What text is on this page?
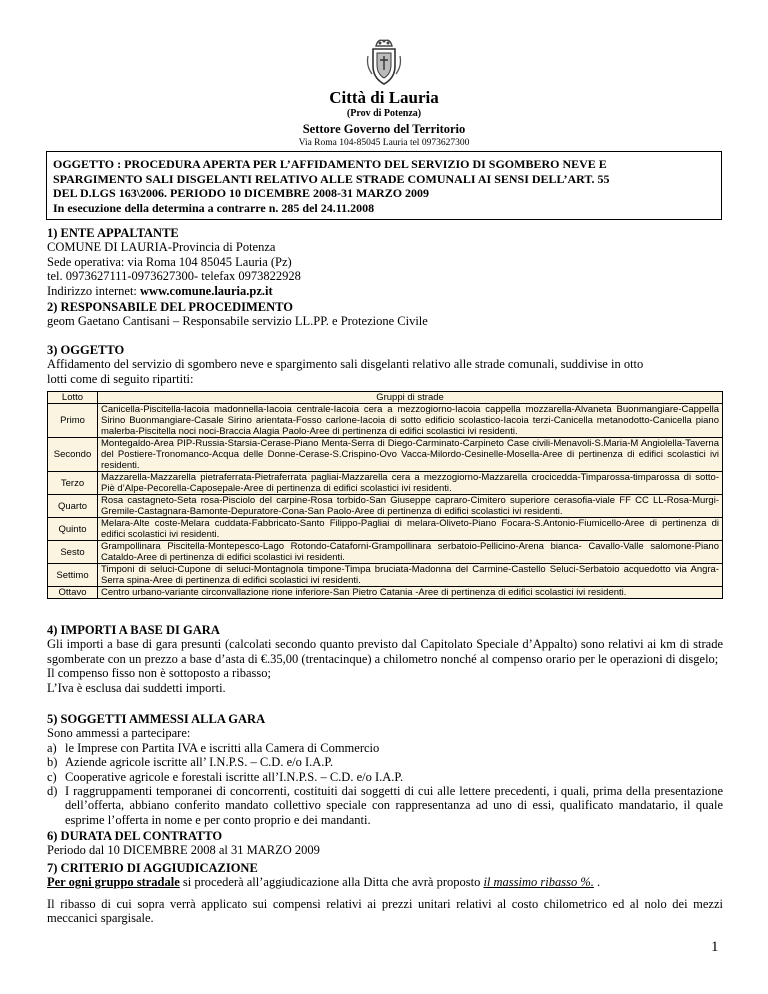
Città di Lauria
(Prov di Potenza)
Settore Governo del Territorio
Via Roma 104-85045 Lauria tel 0973627300
OGGETTO : PROCEDURA APERTA PER L’AFFIDAMENTO DEL SERVIZIO DI SGOMBERO NEVE E
SPARGIMENTO SALI DISGELANTI RELATIVO ALLE STRADE COMUNALI AI SENSI DELL’ART. 55
DEL D.LGS 163\2006. PERIODO 10 DICEMBRE 2008-31 MARZO 2009
In esecuzione della determina a contrarre n. 285 del 24.11.2008

1) ENTE APPALTANTE

COMUNE DI LAURIA-Provincia di Potenza

Sede operativa: via Roma 104 85045 Lauria (Pz)

tel. 0973627111-0973627300- telefax 0973822928

Indirizzo internet: www.comune.lauria.pz.it

2) RESPONSABILE DEL PROCEDIMENTO

geom Gaetano Cantisani – Responsabile servizio LL.PP. e Protezione Civile

3) OGGETTO

Affidamento del servizio di sgombero neve e spargimento sali disgelanti relativo alle strade comunali, suddivise in otto

lotti come di seguito ripartiti:

Lotto	Gruppi di strade
Primo	Canicella-Piscitella-Iacoia madonnella-Iacoia centrale-Iacoia cera a mezzogiorno-Iacoia cappella mozzarella-Alvaneta Buonmangiare-Cappella Sirino Buonmangiare-Casale Sirino arientata-Fosso carlone-Iacoia di sotto edificio scolastico-Iacoia terzi-Canicella metanodotto-Canicella piano malerba-Piscitella noci noci-Braccia Alagia Paolo-Aree di pertinenza di edifici scolastici ivi residenti.
Secondo	Montegaldo-Area PIP-Russia-Starsia-Cerase-Piano Menta-Serra di Diego-Carminato-Carpineto Case civili-Menavoli-S.Maria-M Angiolella-Taverna del Postiere-Tronomanco-Acqua delle Donne-Cerase-S.Crispino-Ovo Vacca-Milordo-Cesinelle-Mosella-Aree di pertinenza di edifici scolastici ivi residenti.
Terzo	Mazzarella-Mazzarella pietraferrata-Pietraferrata pagliai-Mazzarella cera a mezzogiorno-Mazzarella crocicedda-Timparossa-timparossa di sotto-Piè d’Alpe-Pecorella-Caposepale-Aree di pertinenza di edifici scolastici ivi residenti.
Quarto	Rosa castagneto-Seta rosa-Pisciolo del carpine-Rosa torbido-San Giuseppe capraro-Cimitero superiore cerasofia-viale FF CC LL-Rosa-Murgi-Gremile-Castagnara-Bamonte-Depuratore-Cona-San Paolo-Aree di pertinenza di edifici scolastici ivi residenti.
Quinto	Melara-Alte coste-Melara cuddata-Fabbricato-Santo Filippo-Pagliai di melara-Oliveto-Piano Focara-S.Antonio-Fiumicello-Aree di pertinenza di edifici scolastici ivi residenti.
Sesto	Grampollinara Piscitella-Montepesco-Lago Rotondo-Cataforni-Grampollinara serbatoio-Pellicino-Arena bianca- Cavallo-Valle salomone-Piano Cataldo-Aree di pertinenza di edifici scolastici ivi residenti.
Settimo	Timponi di seluci-Cupone di seluci-Montagnola timpone-Timpa bruciata-Madonna del Carmine-Castello Seluci-Serbatoio acquedotto via Angra-Serra spina-Aree di pertinenza di edifici scolastici ivi residenti.
Ottavo	Centro urbano-variante circonvallazione rione inferiore-San Pietro Catania -Aree di pertinenza di edifici scolastici ivi residenti.

4) IMPORTI A BASE DI GARA

Gli importi a base di gara presunti (calcolati secondo quanto previsto dal Capitolato Speciale d’Appalto) sono relativi ai km di strade sgomberate con un prezzo a base d’asta di €.35,00 (trentacinque) a chilometro nonché al compenso orario per le operazioni di disgelo;

Il compenso fisso non è sottoposto a ribasso;

L’Iva è esclusa dai suddetti importi.

5) SOGGETTI AMMESSI ALLA GARA

Sono ammessi a partecipare:

a) le Imprese con Partita IVA e iscritti alla Camera di Commercio
b) Aziende agricole iscritte all’ I.N.P.S. – C.D. e/o I.A.P.
c) Cooperative agricole e forestali iscritte all’I.N.P.S. – C.D. e/o I.A.P.
d) I raggruppamenti temporanei di concorrenti, costituiti dai soggetti di cui alle lettere precedenti, i quali, prima della presentazione dell’offerta, abbiano conferito mandato collettivo speciale con rappresentanza ad uno di essi, qualificato mandatario, il quale esprime l’offerta in nome e per conto proprio e dei mandanti.

6) DURATA DEL CONTRATTO

Periodo dal 10 DICEMBRE 2008 al 31 MARZO 2009

7) CRITERIO DI AGGIUDICAZIONE

Per ogni gruppo stradale si procederà all’aggiudicazione alla Ditta che avrà proposto il massimo ribasso %. .

Il ribasso di cui sopra verrà applicato sui compensi relativi ai prezzi unitari relativi al costo chilometrico ed al nolo dei mezzi meccanici spargisale.

1
